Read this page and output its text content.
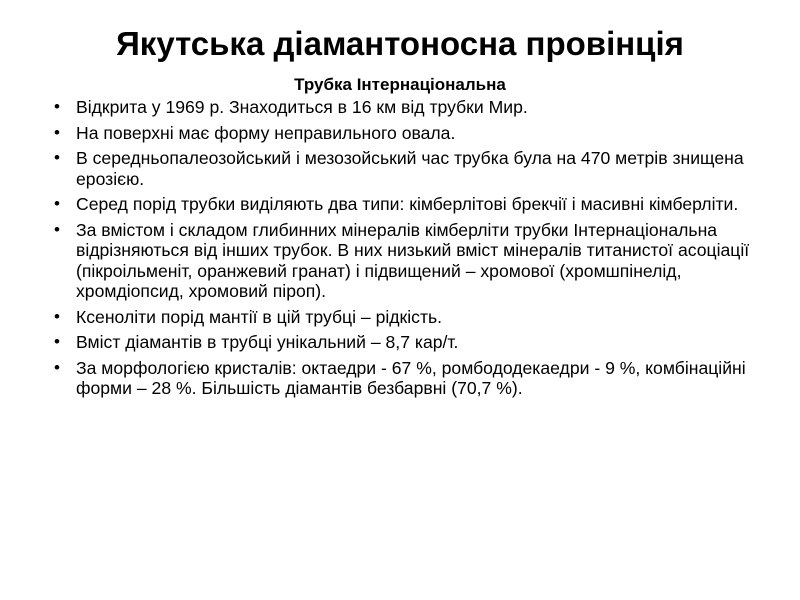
Якутська діамантоносна провінція
Трубка Інтернаціональна
• Відкрита у 1969 р. Знаходиться в 16 км від трубки Мир.
• На поверхні має форму неправильного овала.
• В середньопалеозойський і мезозойський час трубка була на 470 метрів знищена ерозією.
• Серед порід трубки виділяють два типи: кімберлітові брекчії і масивні кімберліти.
• За вмістом і складом глибинних мінералів кімберліти трубки Інтернаціональна відрізняються від інших трубок. В них низький вміст мінералів титанистої асоціації (пікроільменіт, оранжевий гранат) і підвищений – хромової (хромшпінелід, хромдіопсид, хромовий піроп).
• Ксеноліти порід мантії в цій трубці – рідкість.
• Вміст діамантів в трубці унікальний – 8,7 кар/т.
• За морфологією кристалів: октаедри - 67 %, ромбододекаедри - 9 %, комбінаційні форми – 28 %. Більшість діамантів безбарвні (70,7 %).
